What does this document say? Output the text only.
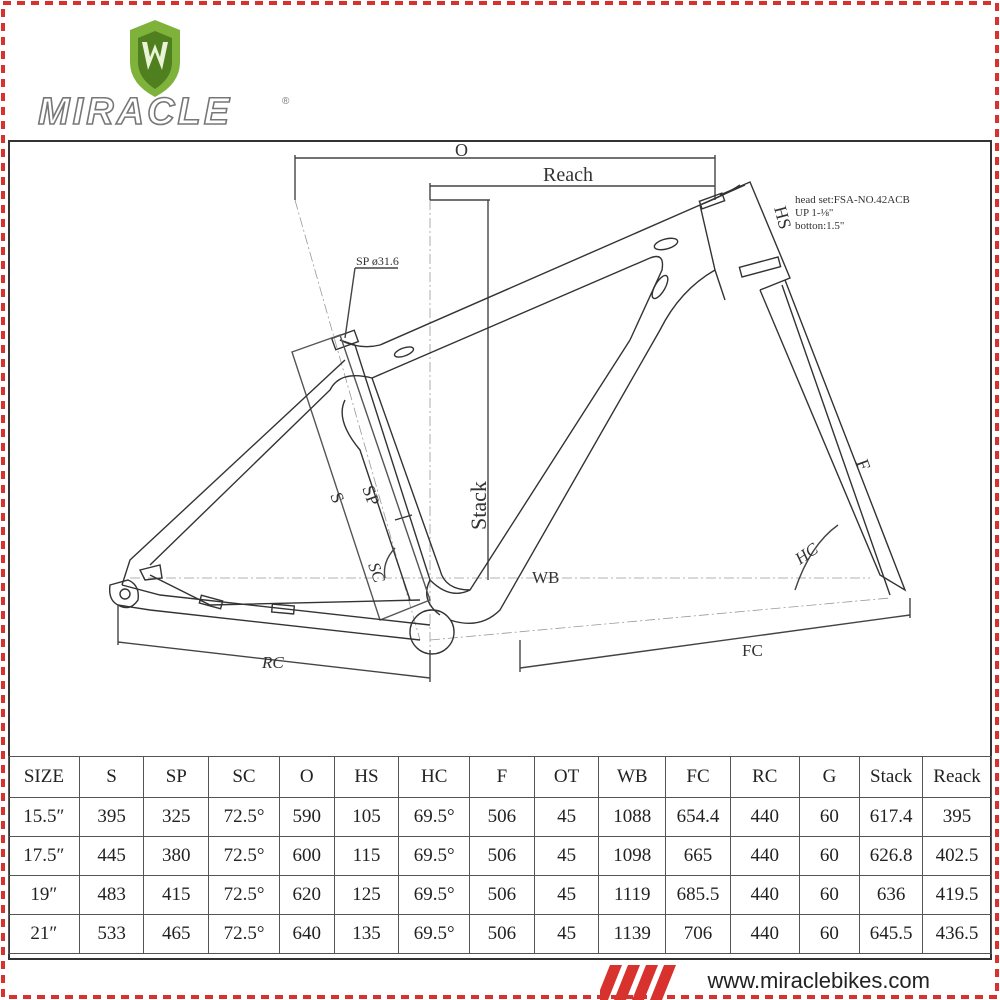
MIRACLE	®
O
Reach
Stack
SP ø31.6
RC
FC
WB
S SP
SC
HC
F
HS
head set:FSA-NO.42ACB
UP 1-⅛"
botton:1.5"
SIZE	S	SP	SC	O	HS	HC	F	OT	WB	FC	RC	G	Stack	Reack
15.5″	395	325	72.5°	590	105	69.5°	506	45	1088	654.4	440	60	617.4	395
17.5″	445	380	72.5°	600	115	69.5°	506	45	1098	665	440	60	626.8	402.5
19″	483	415	72.5°	620	125	69.5°	506	45	1119	685.5	440	60	636	419.5
21″	533	465	72.5°	640	135	69.5°	506	45	1139	706	440	60	645.5	436.5
www.miraclebikes.com
